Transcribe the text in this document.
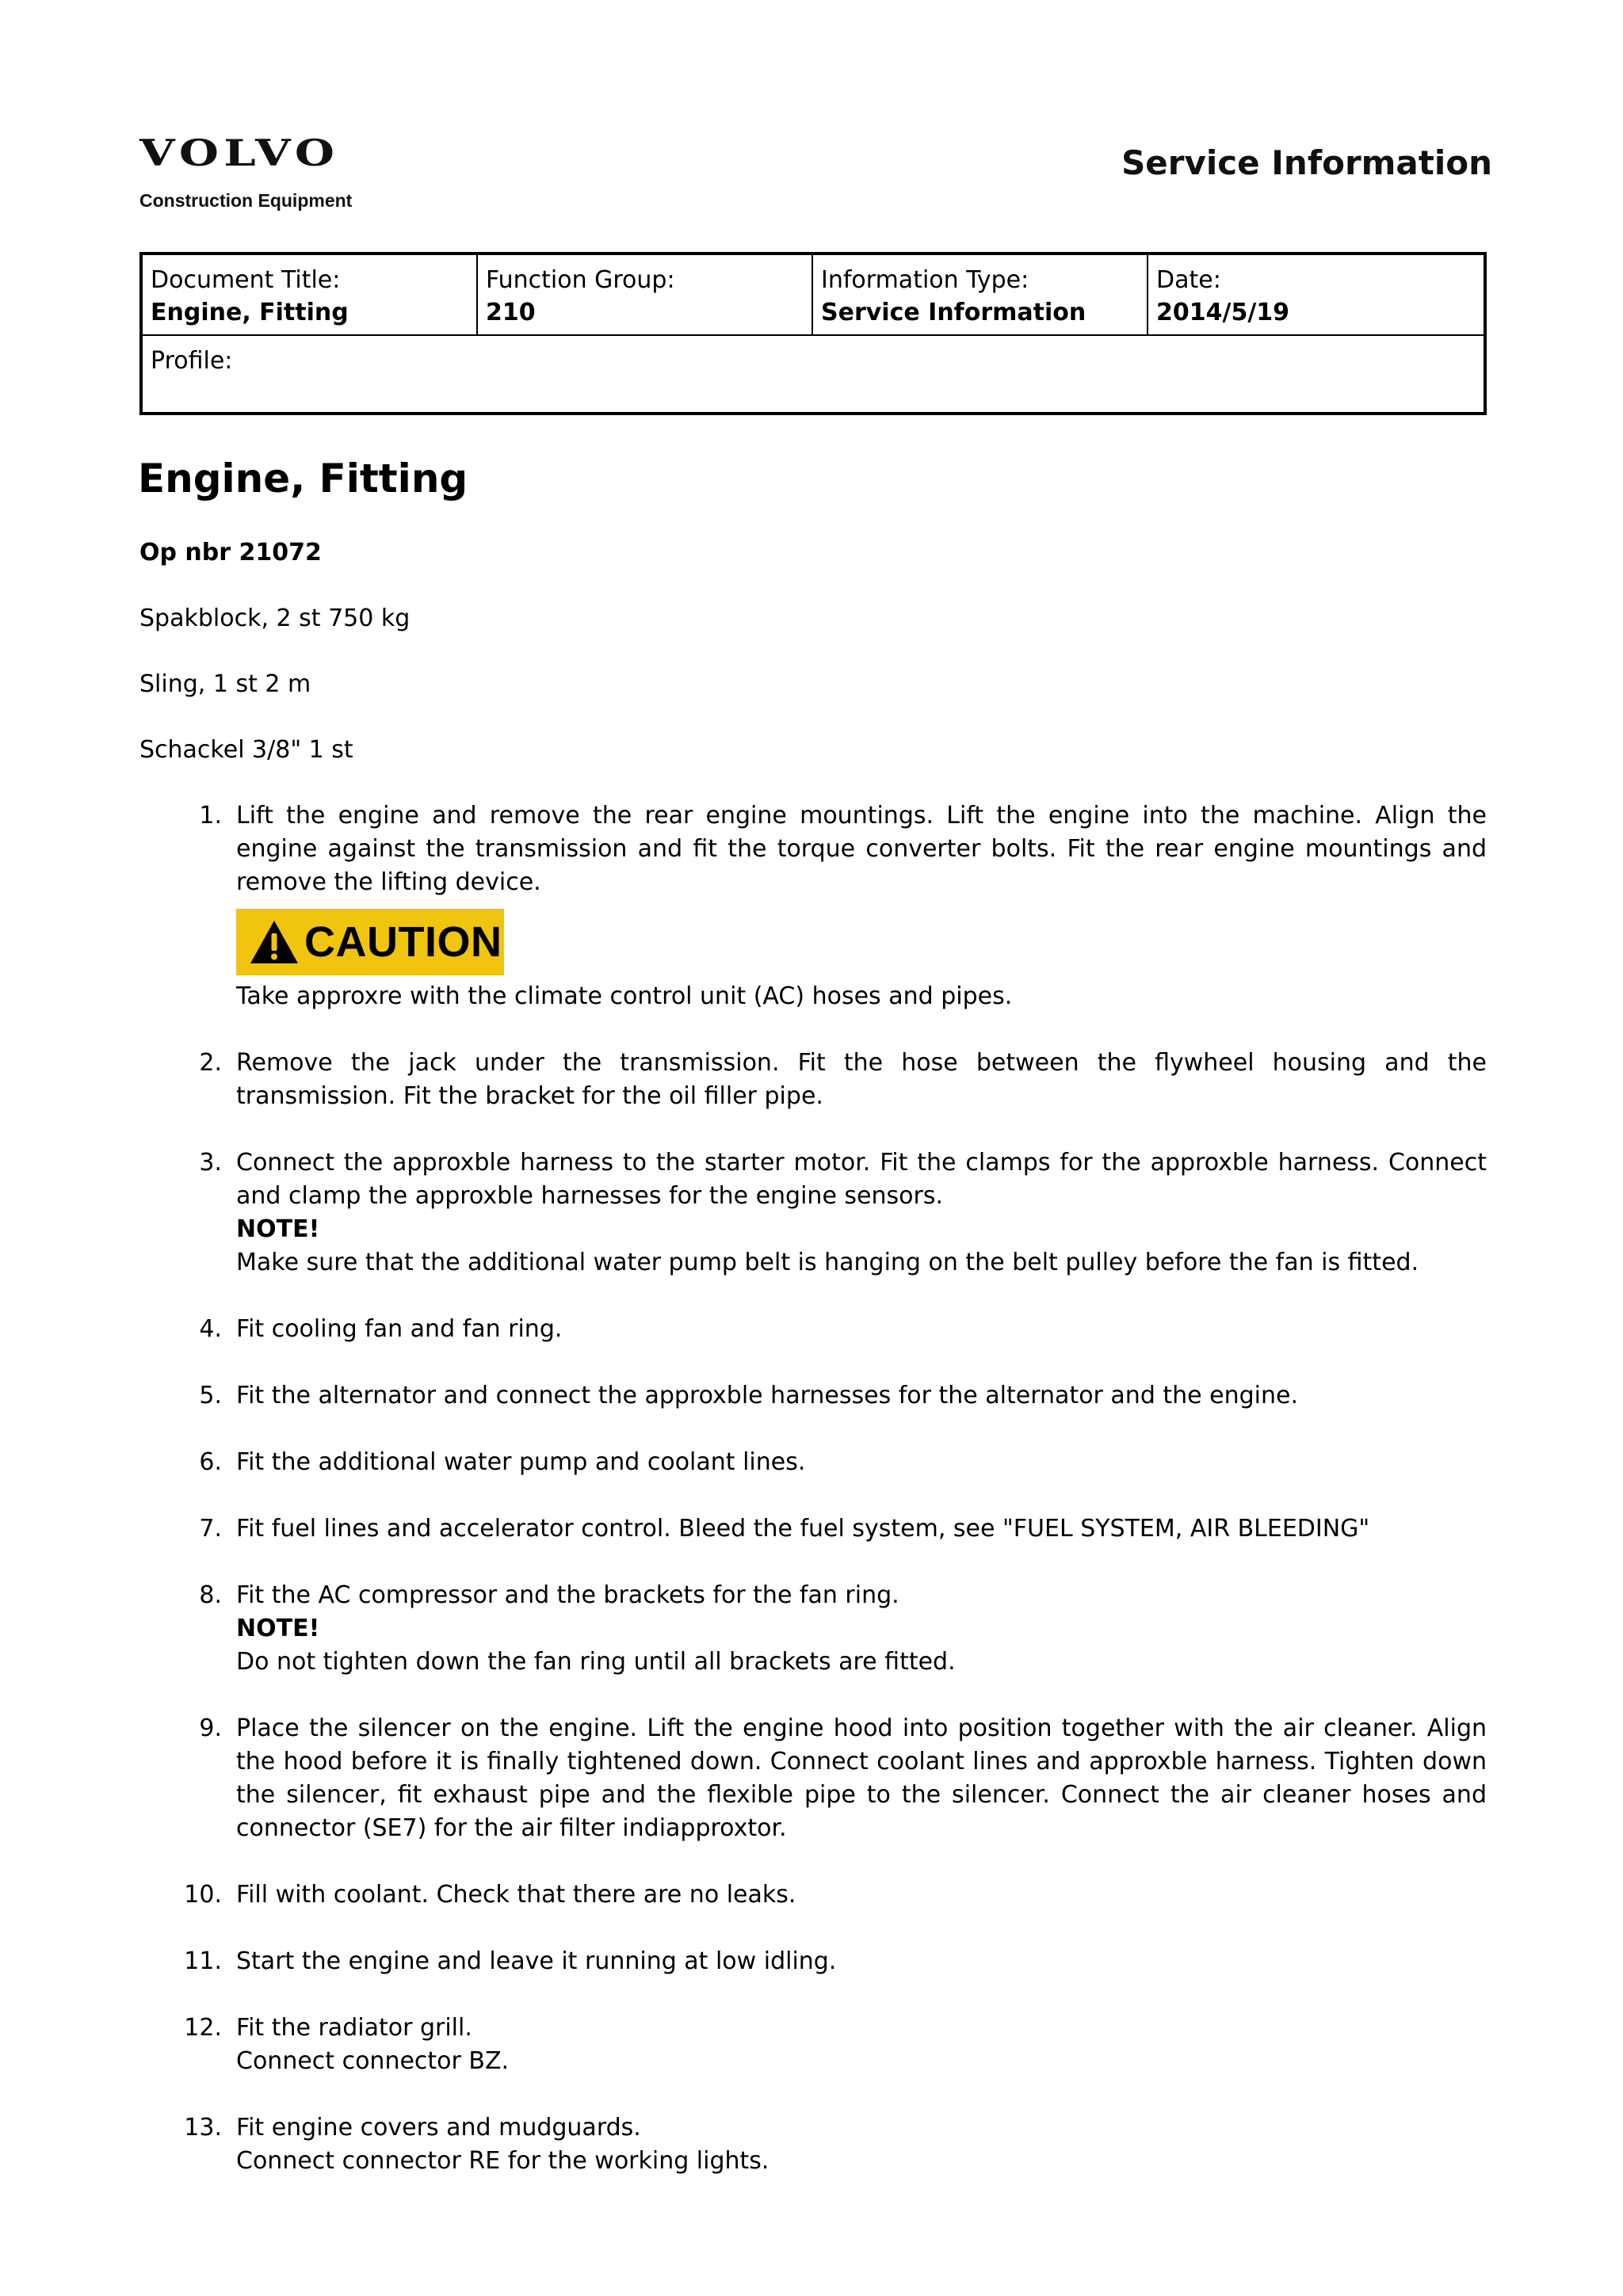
VOLVO
Construction Equipment
Service Information
Document Title:
Engine, Fitting
Function Group:
210
Information Type:
Service Information
Date:
2014/5/19
Profile:
Engine, Fitting
Op nbr 21072
Spakblock, 2 st 750 kg
Sling, 1 st 2 m
Schackel 3/8" 1 st
1. Lift the engine and remove the rear engine mountings. Lift the engine into the machine. Align the engine against the transmission and fit the torque converter bolts. Fit the rear engine mountings and remove the lifting device.
CAUTION
Take approxre with the climate control unit (AC) hoses and pipes.
2. Remove the jack under the transmission. Fit the hose between the flywheel housing and the transmission. Fit the bracket for the oil filler pipe.
3. Connect the approxble harness to the starter motor. Fit the clamps for the approxble harness. Connect and clamp the approxble harnesses for the engine sensors.
NOTE!
Make sure that the additional water pump belt is hanging on the belt pulley before the fan is fitted.
4. Fit cooling fan and fan ring.
5. Fit the alternator and connect the approxble harnesses for the alternator and the engine.
6. Fit the additional water pump and coolant lines.
7. Fit fuel lines and accelerator control. Bleed the fuel system, see "FUEL SYSTEM, AIR BLEEDING"
8. Fit the AC compressor and the brackets for the fan ring.
NOTE!
Do not tighten down the fan ring until all brackets are fitted.
9. Place the silencer on the engine. Lift the engine hood into position together with the air cleaner. Align the hood before it is finally tightened down. Connect coolant lines and approxble harness. Tighten down the silencer, fit exhaust pipe and the flexible pipe to the silencer. Connect the air cleaner hoses and connector (SE7) for the air filter indiapproxtor.
10. Fill with coolant. Check that there are no leaks.
11. Start the engine and leave it running at low idling.
12. Fit the radiator grill.
Connect connector BZ.
13. Fit engine covers and mudguards.
Connect connector RE for the working lights.
